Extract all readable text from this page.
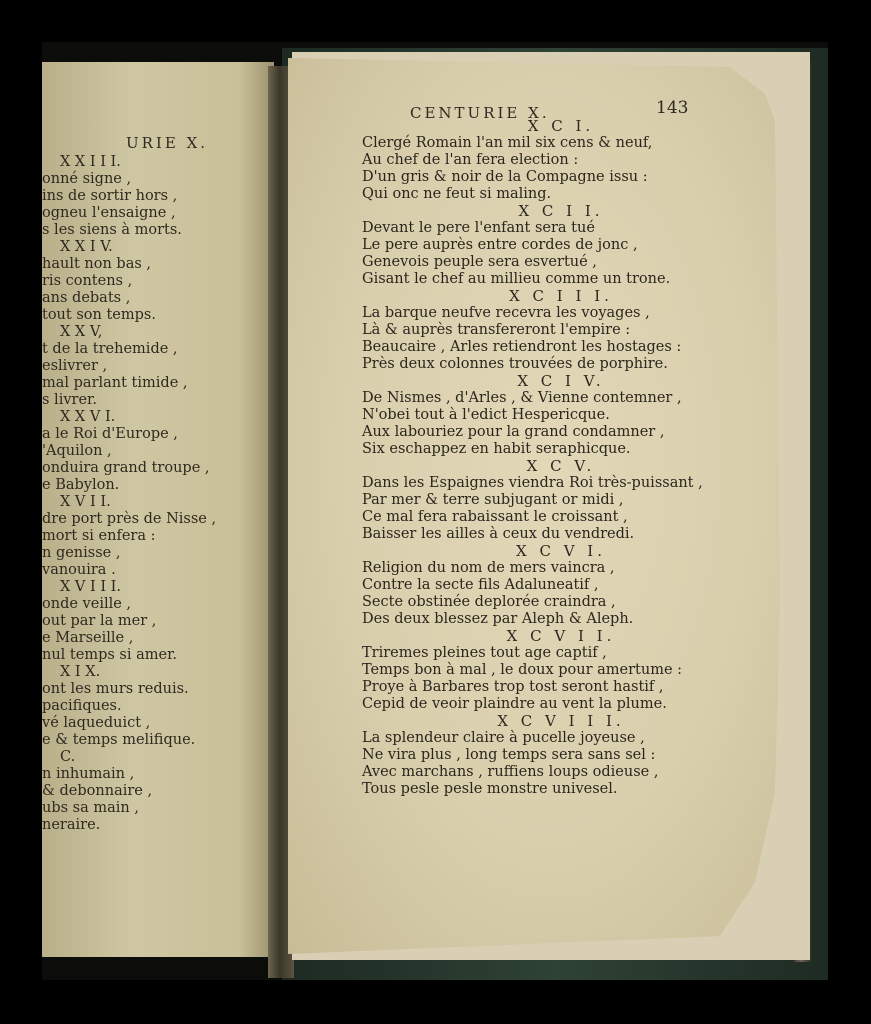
URIE X.
X X I I I.
onné signe ,
ins de sortir hors ,
ogneu l'ensaigne ,
s les siens à morts.
X X I V.
hault non bas ,
ris contens ,
ans debats ,
tout son temps.
X X V,
t de la trehemide ,
eslivrer ,
mal parlant timide ,
s livrer.
X X V I.
a le Roi d'Europe ,
'Aquilon ,
onduira grand troupe ,
e Babylon.
X V I I.
dre port près de Nisse ,
mort si enfera :
n genisse ,
vanouira .
X V I I I.
onde veille ,
out par la mer ,
e Marseille ,
nul temps si amer.
X I X.
ont les murs reduis.
pacifiques.
vé laqueduict ,
e & temps melifique.
C.
n inhumain ,
& debonnaire ,
ubs sa main ,
neraire.
CENTURIE X.	143
X C I.
Clergé Romain l'an mil six cens & neuf,
Au chef de l'an fera election :
D'un gris & noir de la Compagne issu :
Qui onc ne feut si maling.
X C I I.
Devant le pere l'enfant sera tué
Le pere auprès entre cordes de jonc ,
Genevois peuple sera esvertué ,
Gisant le chef au millieu comme un trone.
X C I I I.
La barque neufve recevra les voyages ,
Là & auprès transfereront l'empire :
Beaucaire , Arles retiendront les hostages :
Près deux colonnes trouvées de porphire.
X C I V.
De Nismes , d'Arles , & Vienne contemner ,
N'obei tout à l'edict Hespericque.
Aux labouriez pour la grand condamner ,
Six eschappez en habit seraphicque.
X C V.
Dans les Espaignes viendra Roi très-puissant ,
Par mer & terre subjugant or midi ,
Ce mal fera rabaissant le croissant ,
Baisser les ailles à ceux du vendredi.
X C V I.
Religion du nom de mers vaincra ,
Contre la secte fils Adaluneatif ,
Secte obstinée deplorée craindra ,
Des deux blessez par Aleph & Aleph.
X C V I I.
Triremes pleines tout age captif ,
Temps bon à mal , le doux pour amertume :
Proye à Barbares trop tost seront hastif ,
Cepid de veoir plaindre au vent la plume.
X C V I I I.
La splendeur claire à pucelle joyeuse ,
Ne vira plus , long temps sera sans sel :
Avec marchans , ruffiens loups odieuse ,
Tous pesle pesle monstre univesel.
